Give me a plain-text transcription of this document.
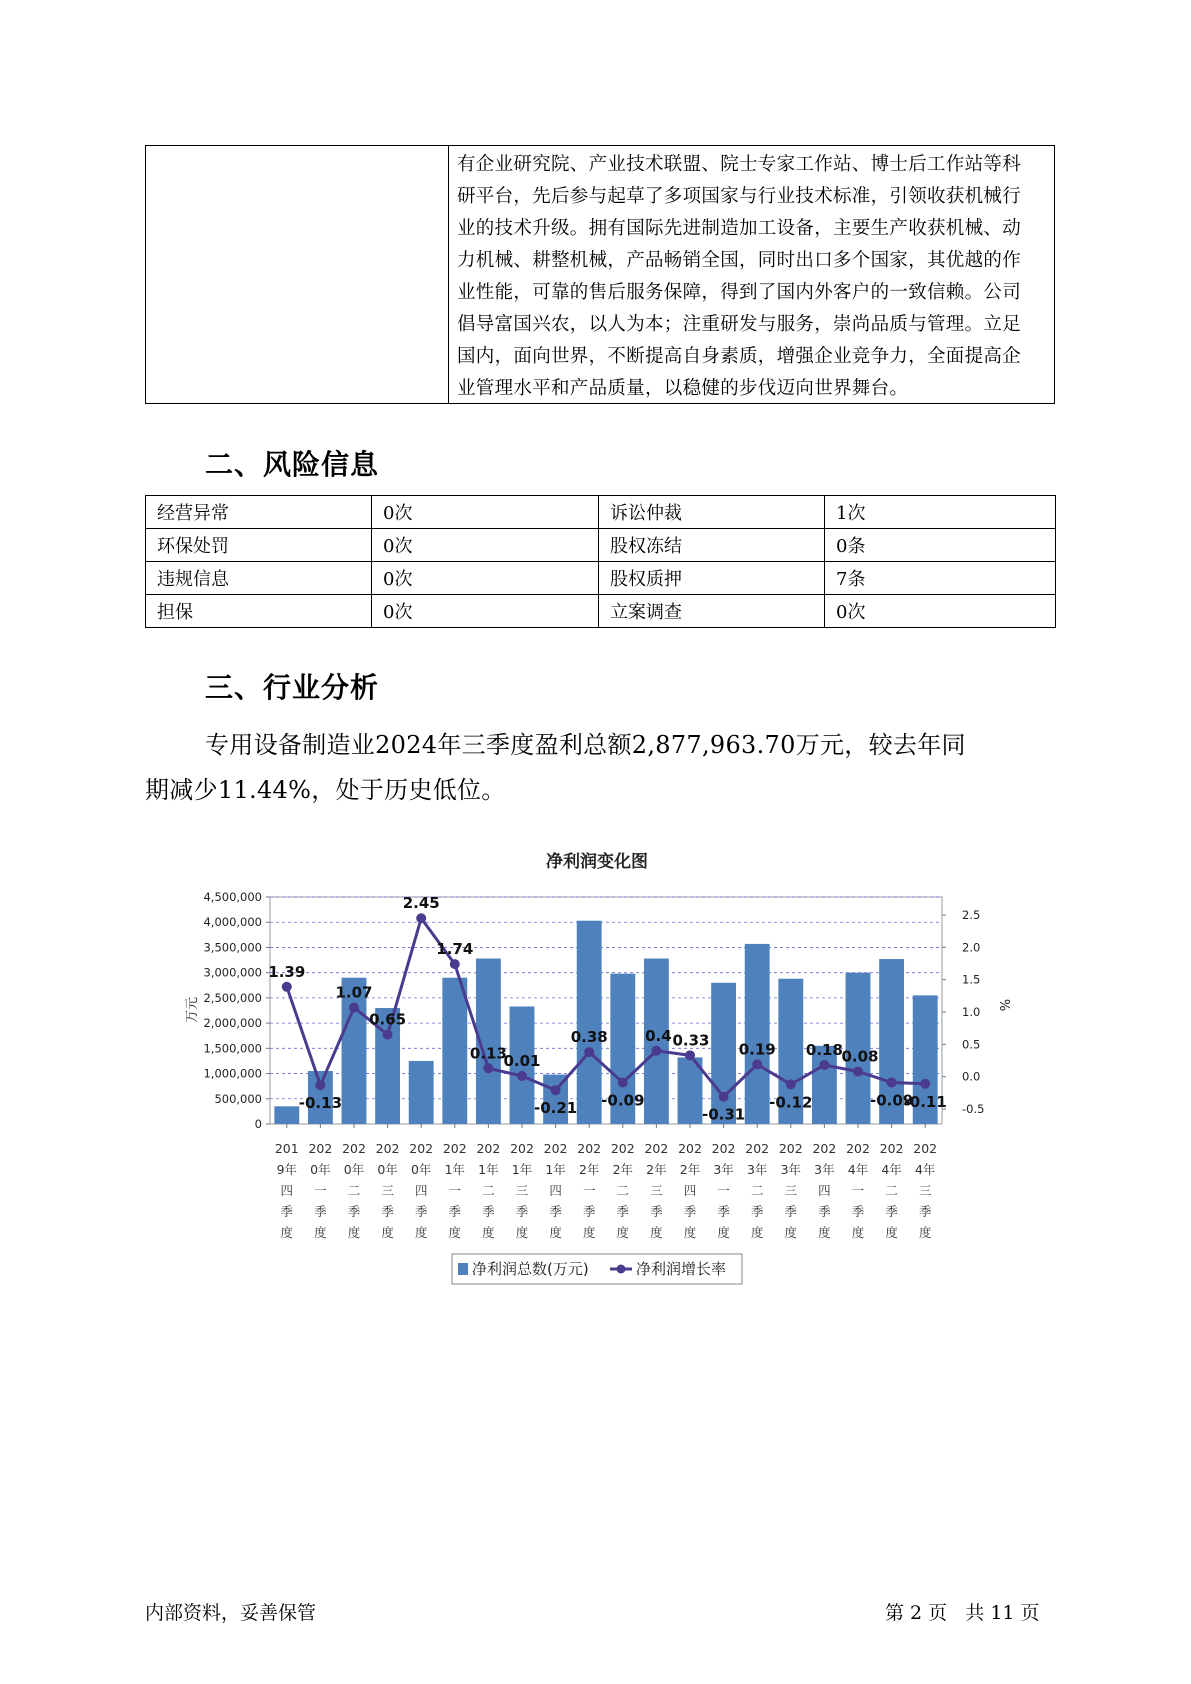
有企业研究院、产业技术联盟、院士专家工作站、博士后工作站等科
研平台，先后参与起草了多项国家与行业技术标准，引领收获机械行
业的技术升级。拥有国际先进制造加工设备，主要生产收获机械、动
力机械、耕整机械，产品畅销全国，同时出口多个国家，其优越的作
业性能，可靠的售后服务保障，得到了国内外客户的一致信赖。公司
倡导富国兴农，以人为本；注重研发与服务，崇尚品质与管理。立足
国内，面向世界，不断提高自身素质，增强企业竞争力，全面提高企
业管理水平和产品质量，以稳健的步伐迈向世界舞台。
二、风险信息
经营异常	0次	诉讼仲裁	1次
环保处罚	0次	股权冻结	0条
违规信息	0次	股权质押	7条
担保	0次	立案调查	0次
三、行业分析
专用设备制造业2024年三季度盈利总额2,877,963.70万元，较去年同
期减少11.44%，处于历史低位。
净利润变化图
4,500,000
4,000,000
3,500,000
3,000,000
2,500,000
2,000,000
1,500,000
1,000,000
500,000
0
2.5
2.0
1.5
1.0
0.5
0.0
-0.5
万元	%
201
9年
四
季
度
202
0年
一
季
度
202
0年
二
季
度
202
0年
三
季
度
202
0年
四
季
度
202
1年
一
季
度
202
1年
二
季
度
202
1年
三
季
度
202
1年
四
季
度
202
2年
一
季
度
202
2年
二
季
度
202
2年
三
季
度
202
2年
四
季
度
202
3年
一
季
度
202
3年
二
季
度
202
3年
三
季
度
202
3年
四
季
度
202
4年
一
季
度
202
4年
二
季
度
202
4年
三
季
度
1.39
-0.13
1.07
0.65
2.45
1.74
0.13
0.01
-0.21
0.38
-0.09
0.4 0.33
-0.31
0.19
-0.12
0.18
0.08
-0.09
-0.11
净利润总数(万元)	净利润增长率
内部资料，妥善保管	第 2 页   共 11 页
